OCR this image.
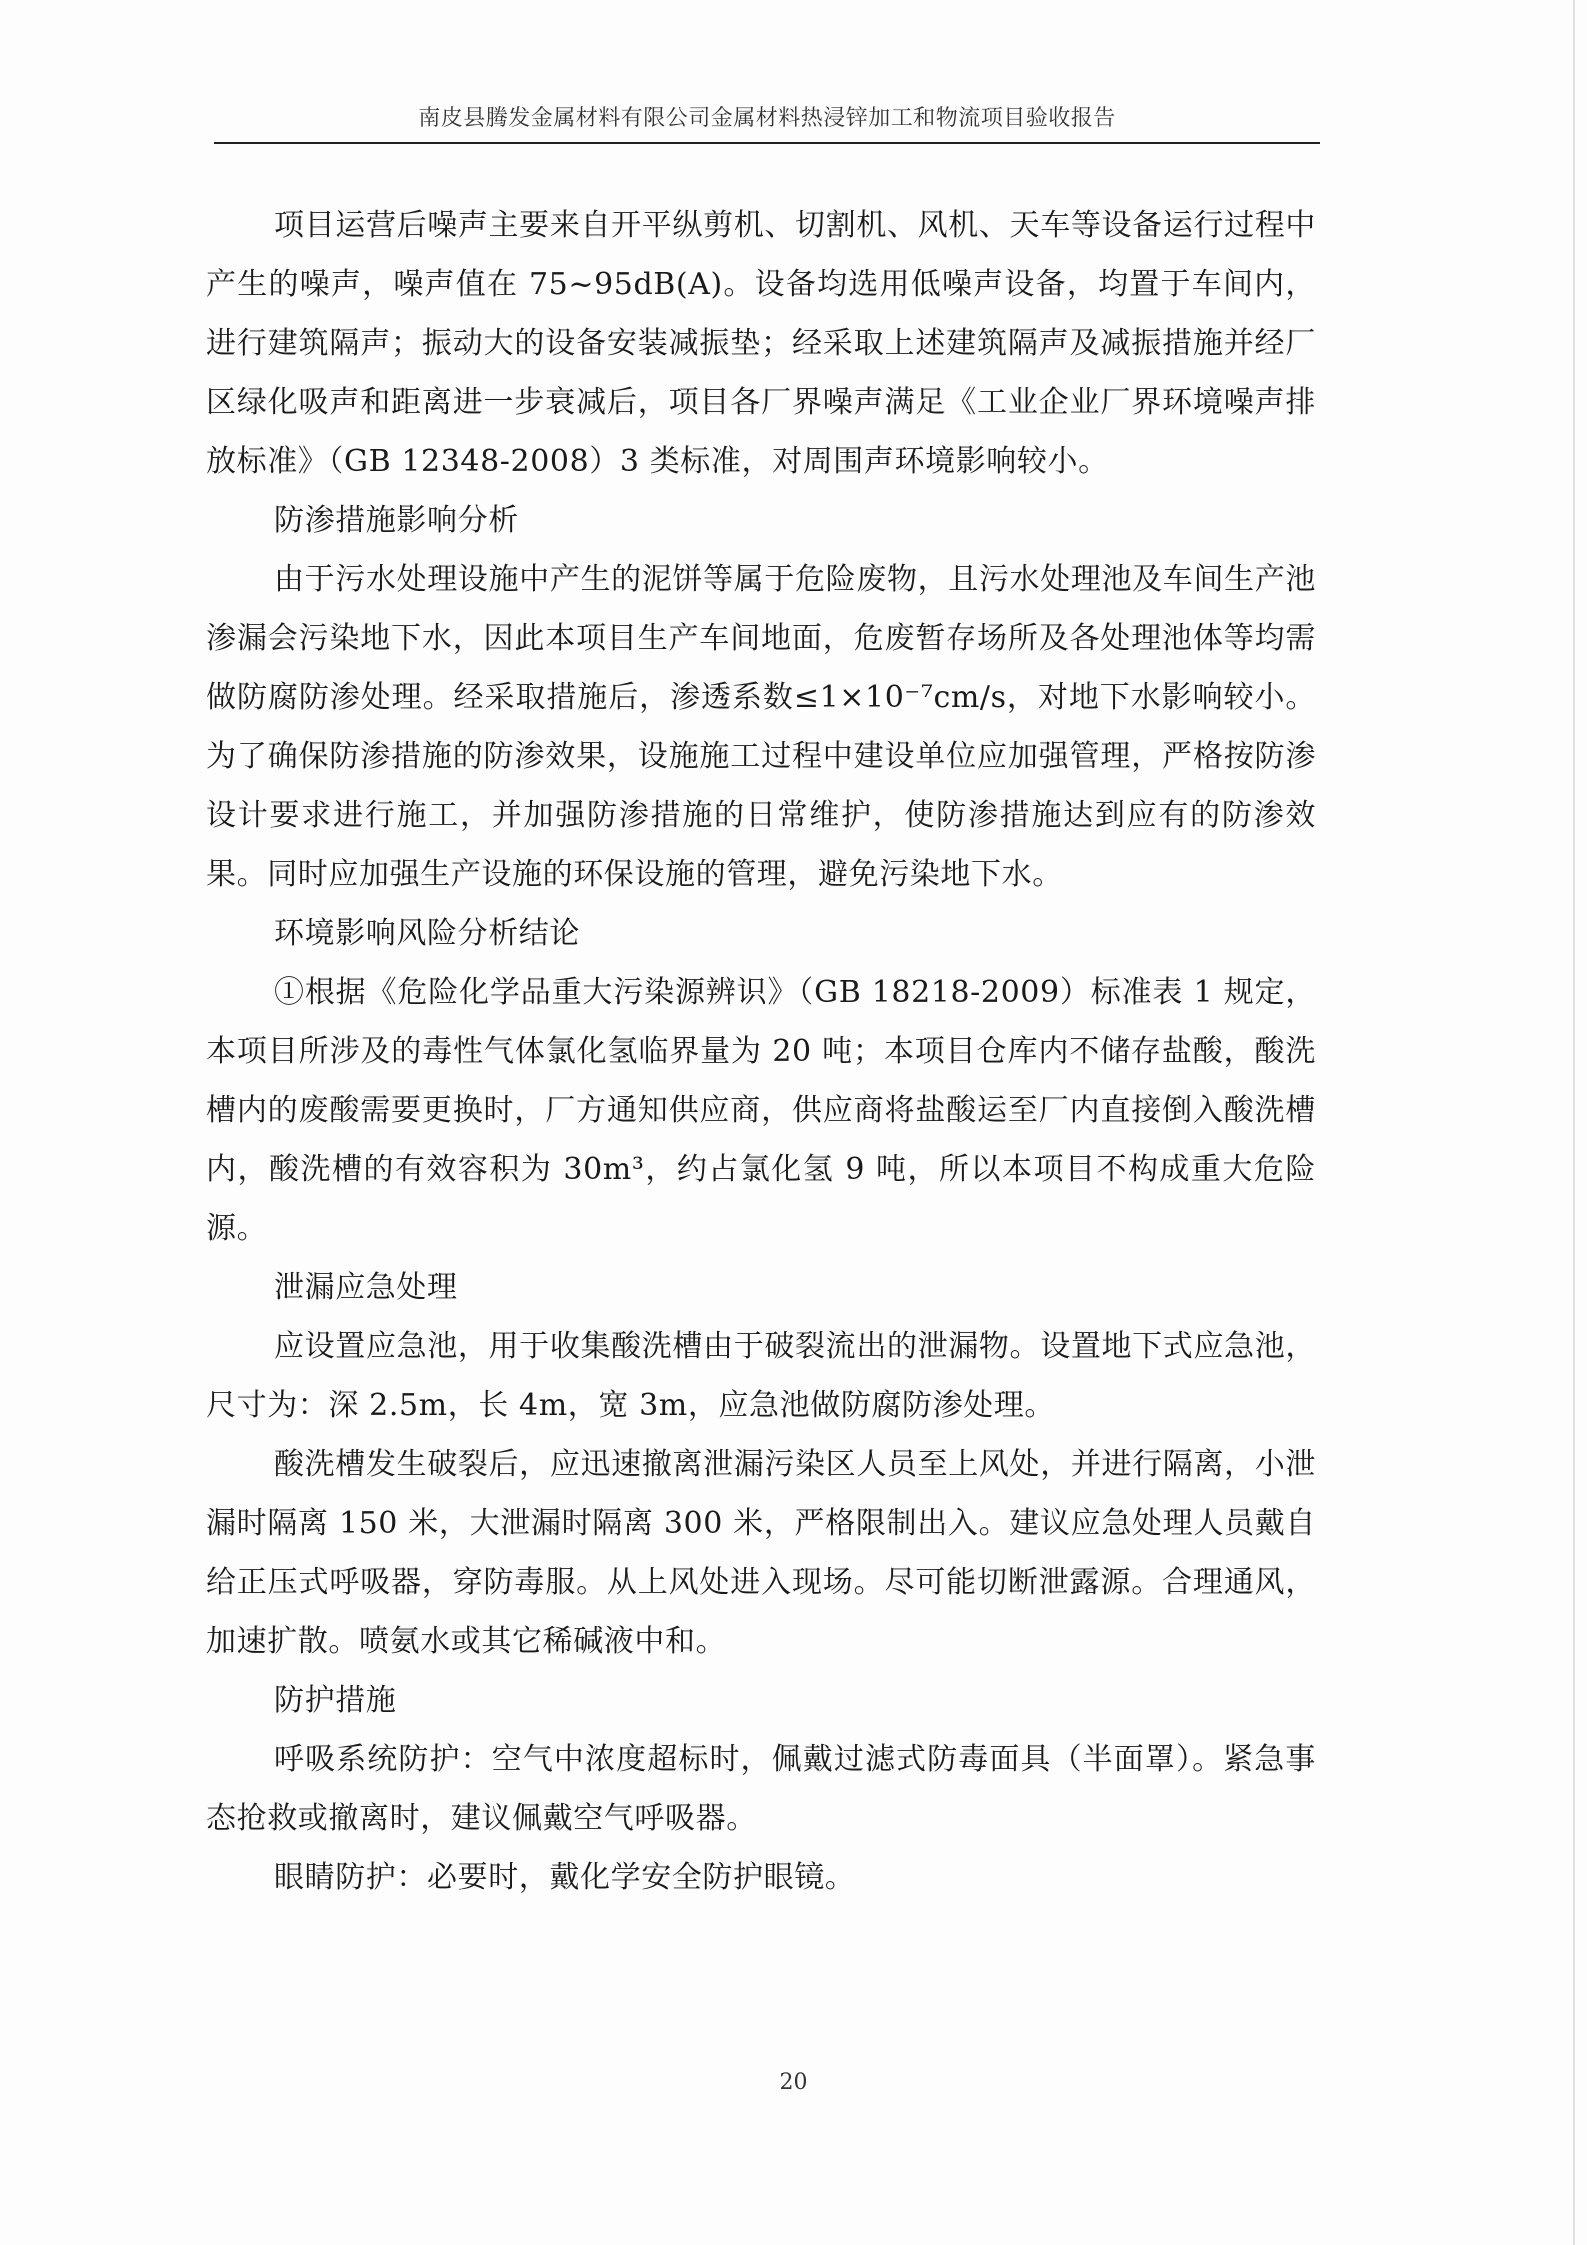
南皮县腾发金属材料有限公司金属材料热浸锌加工和物流项目验收报告

项目运营后噪声主要来自开平纵剪机、切割机、风机、天车等设备运行过程中产生的噪声，噪声值在 75~95dB(A)。设备均选用低噪声设备，均置于车间内，进行建筑隔声；振动大的设备安装减振垫；经采取上述建筑隔声及减振措施并经厂区绿化吸声和距离进一步衰减后，项目各厂界噪声满足《工业企业厂界环境噪声排放标准》（GB 12348-2008）3 类标准，对周围声环境影响较小。

防渗措施影响分析

由于污水处理设施中产生的泥饼等属于危险废物，且污水处理池及车间生产池渗漏会污染地下水，因此本项目生产车间地面，危废暂存场所及各处理池体等均需做防腐防渗处理。经采取措施后，渗透系数≤1×10⁻⁷cm/s，对地下水影响较小。为了确保防渗措施的防渗效果，设施施工过程中建设单位应加强管理，严格按防渗设计要求进行施工，并加强防渗措施的日常维护，使防渗措施达到应有的防渗效果。同时应加强生产设施的环保设施的管理，避免污染地下水。

环境影响风险分析结论

①根据《危险化学品重大污染源辨识》（GB 18218-2009）标准表 1 规定，本项目所涉及的毒性气体氯化氢临界量为 20 吨；本项目仓库内不储存盐酸，酸洗槽内的废酸需要更换时，厂方通知供应商，供应商将盐酸运至厂内直接倒入酸洗槽内，酸洗槽的有效容积为 30m³，约占氯化氢 9 吨，所以本项目不构成重大危险源。

泄漏应急处理

应设置应急池，用于收集酸洗槽由于破裂流出的泄漏物。设置地下式应急池，尺寸为：深 2.5m，长 4m，宽 3m，应急池做防腐防渗处理。

酸洗槽发生破裂后，应迅速撤离泄漏污染区人员至上风处，并进行隔离，小泄漏时隔离 150 米，大泄漏时隔离 300 米，严格限制出入。建议应急处理人员戴自给正压式呼吸器，穿防毒服。从上风处进入现场。尽可能切断泄露源。合理通风，加速扩散。喷氨水或其它稀碱液中和。

防护措施

呼吸系统防护：空气中浓度超标时，佩戴过滤式防毒面具（半面罩）。紧急事态抢救或撤离时，建议佩戴空气呼吸器。

眼睛防护：必要时，戴化学安全防护眼镜。

20
